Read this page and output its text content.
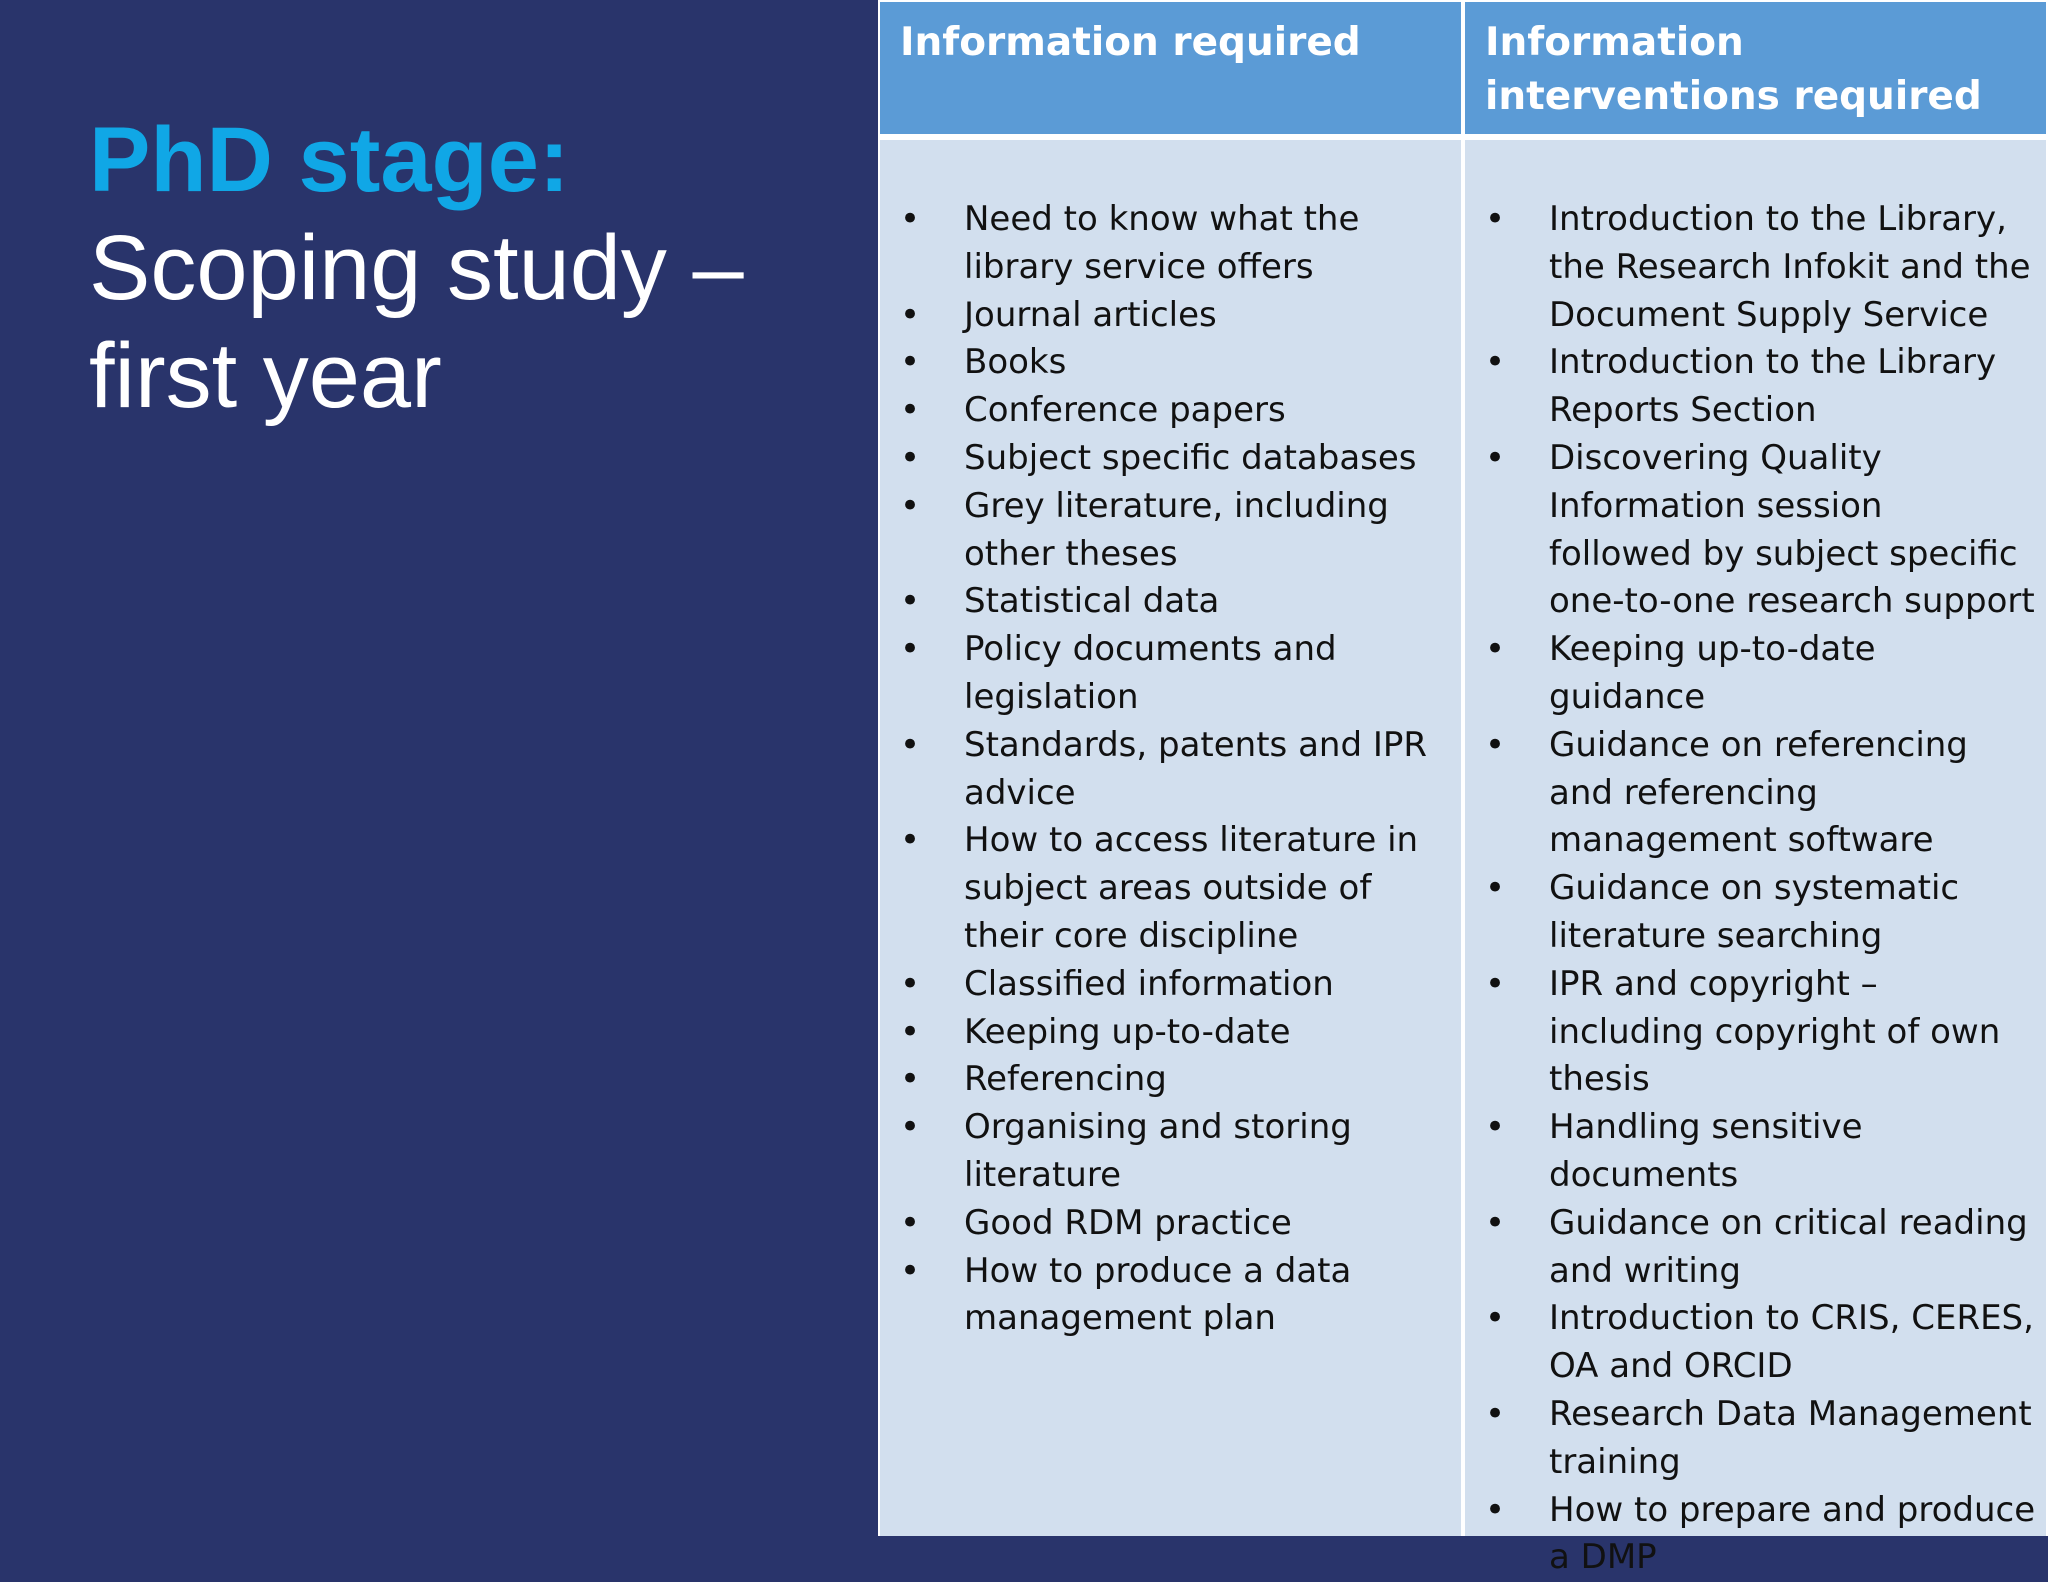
PhD stage:
Scoping study –
first year
Information required
• Need to know what the library service offers
• Journal articles
• Books
• Conference papers
• Subject specific databases
• Grey literature, including other theses
• Statistical data
• Policy documents and legislation
• Standards, patents and IPR advice
• How to access literature in subject areas outside of their core discipline
• Classified information
• Keeping up-to-date
• Referencing
• Organising and storing literature
• Good RDM practice
• How to produce a data management plan
Information interventions required
• Introduction to the Library, the Research Infokit and the Document Supply Service
• Introduction to the Library Reports Section
• Discovering Quality Information session followed by subject specific one-to-one research support
• Keeping up-to-date guidance
• Guidance on referencing and referencing management software
• Guidance on systematic literature searching
• IPR and copyright – including copyright of own thesis
• Handling sensitive documents
• Guidance on critical reading and writing
• Introduction to CRIS, CERES, OA and ORCID
• Research Data Management training
• How to prepare and produce a DMP
